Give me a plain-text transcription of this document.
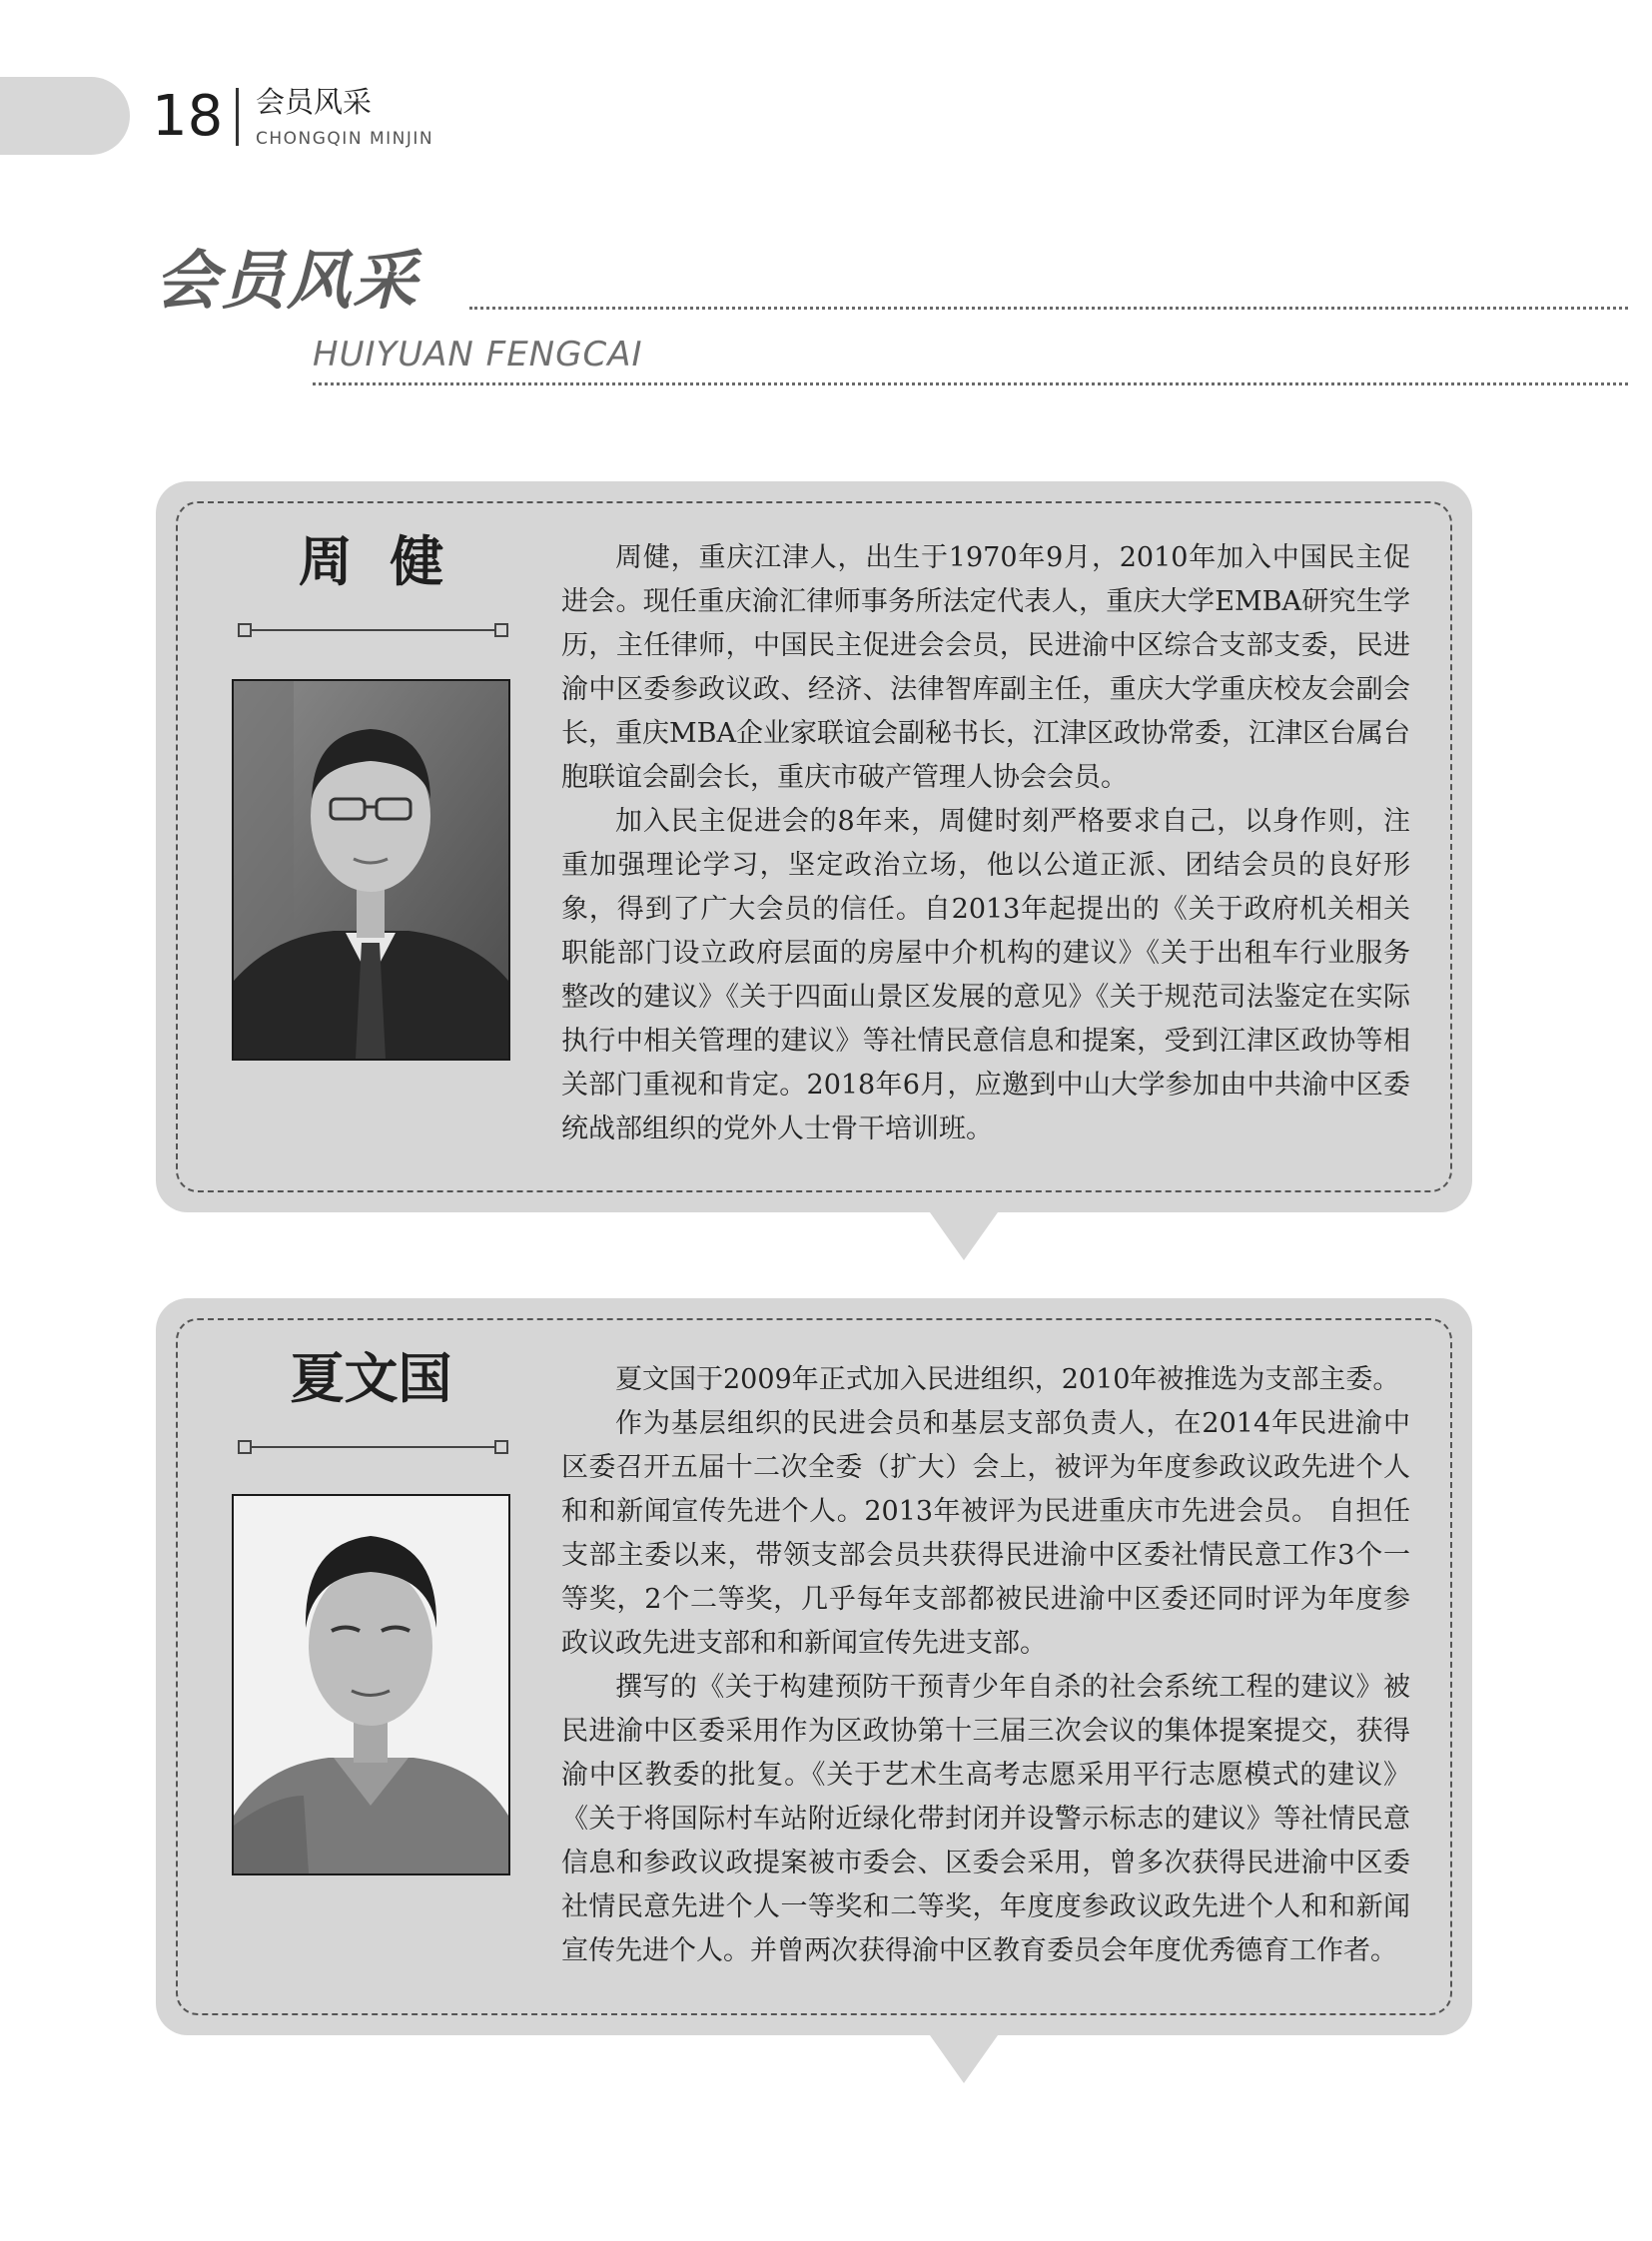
18 会员风采
CHONGQIN MINJIN
会员风采
HUIYUAN FENGCAI
周  健	周健，重庆江津人，出生于1970年9月，2010年加入中国民主促进会。现任重庆渝汇律师事务所法定代表人，重庆大学EMBA研究生学历，主任律师，中国民主促进会会员，民进渝中区综合支部支委，民进渝中区委参政议政、经济、法律智库副主任，重庆大学重庆校友会副会长，重庆MBA企业家联谊会副秘书长，江津区政协常委，江津区台属台胞联谊会副会长，重庆市破产管理人协会会员。

加入民主促进会的8年来，周健时刻严格要求自己，以身作则，注重加强理论学习，坚定政治立场，他以公道正派、团结会员的良好形象，得到了广大会员的信任。自2013年起提出的《关于政府机关相关职能部门设立政府层面的房屋中介机构的建议》《关于出租车行业服务整改的建议》《关于四面山景区发展的意见》《关于规范司法鉴定在实际执行中相关管理的建议》等社情民意信息和提案，受到江津区政协等相关部门重视和肯定。2018年6月，应邀到中山大学参加由中共渝中区委统战部组织的党外人士骨干培训班。

夏文国	夏文国于2009年正式加入民进组织，2010年被推选为支部主委。

作为基层组织的民进会员和基层支部负责人，在2014年民进渝中区委召开五届十二次全委（扩大）会上，被评为年度参政议政先进个人和和新闻宣传先进个人。2013年被评为民进重庆市先进会员。 自担任支部主委以来，带领支部会员共获得民进渝中区委社情民意工作3个一等奖，2个二等奖，几乎每年支部都被民进渝中区委还同时评为年度参政议政先进支部和和新闻宣传先进支部。

撰写的《关于构建预防干预青少年自杀的社会系统工程的建议》被民进渝中区委采用作为区政协第十三届三次会议的集体提案提交，获得渝中区教委的批复。《关于艺术生高考志愿采用平行志愿模式的建议》《关于将国际村车站附近绿化带封闭并设警示标志的建议》等社情民意信息和参政议政提案被市委会、区委会采用，曾多次获得民进渝中区委社情民意先进个人一等奖和二等奖，年度度参政议政先进个人和和新闻宣传先进个人。并曾两次获得渝中区教育委员会年度优秀德育工作者。
